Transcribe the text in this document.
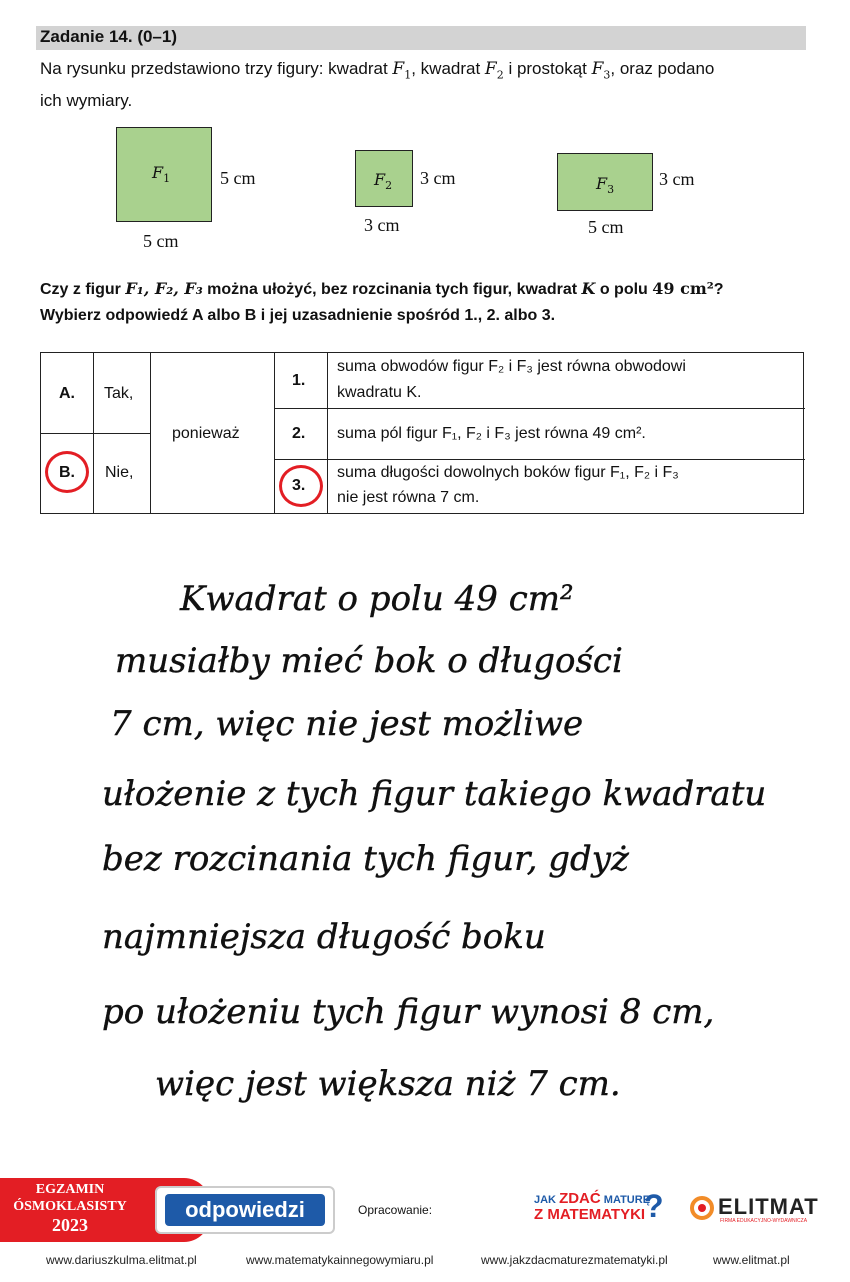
Zadanie 14. (0–1)
Na rysunku przedstawiono trzy figury: kwadrat $F_1$, kwadrat $F_2$ i prostokąt $F_3$, oraz podano
ich wymiary.
$F_1$	5 cm
5 cm
$F_2$ 3 cm
3 cm
$F_3$
3 cm
5 cm
Czy z figur F₁, F₂, F₃ można ułożyć, bez rozcinania tych figur, kwadrat K o polu 49 cm²?
Wybierz odpowiedź A albo B i jej uzasadnienie spośród 1., 2. albo 3.
A. Tak,
B. Nie,
ponieważ
1.
suma obwodów figur F₂ i F₃ jest równa obwodowi
kwadratu K.
2. suma pól figur F₁, F₂ i F₃ jest równa 49 cm².
3.
suma długości dowolnych boków figur F₁, F₂ i F₃
nie jest równa 7 cm.
Kwadrat o polu 49 cm²
musiałby mieć bok o długości
7 cm, więc nie jest możliwe
ułożenie z tych figur takiego kwadratu
bez rozcinania tych figur, gdyż
najmniejsza długość boku
po ułożeniu tych figur wynosi 8 cm,
więc jest większa niż 7 cm.
EGZAMIN
ÓSMOKLASISTY
2023
odpowiedzi	Opracowanie:
JAK ZDAĆ MATURĘ
Z MATEMATYKI
? ELITMAT
FIRMA EDUKACYJNO-WYDAWNICZA
www.dariuszkulma.elitmat.pl	www.matematykainnegowymiaru.pl	www.jakzdacmaturezmatematyki.pl	www.elitmat.pl
